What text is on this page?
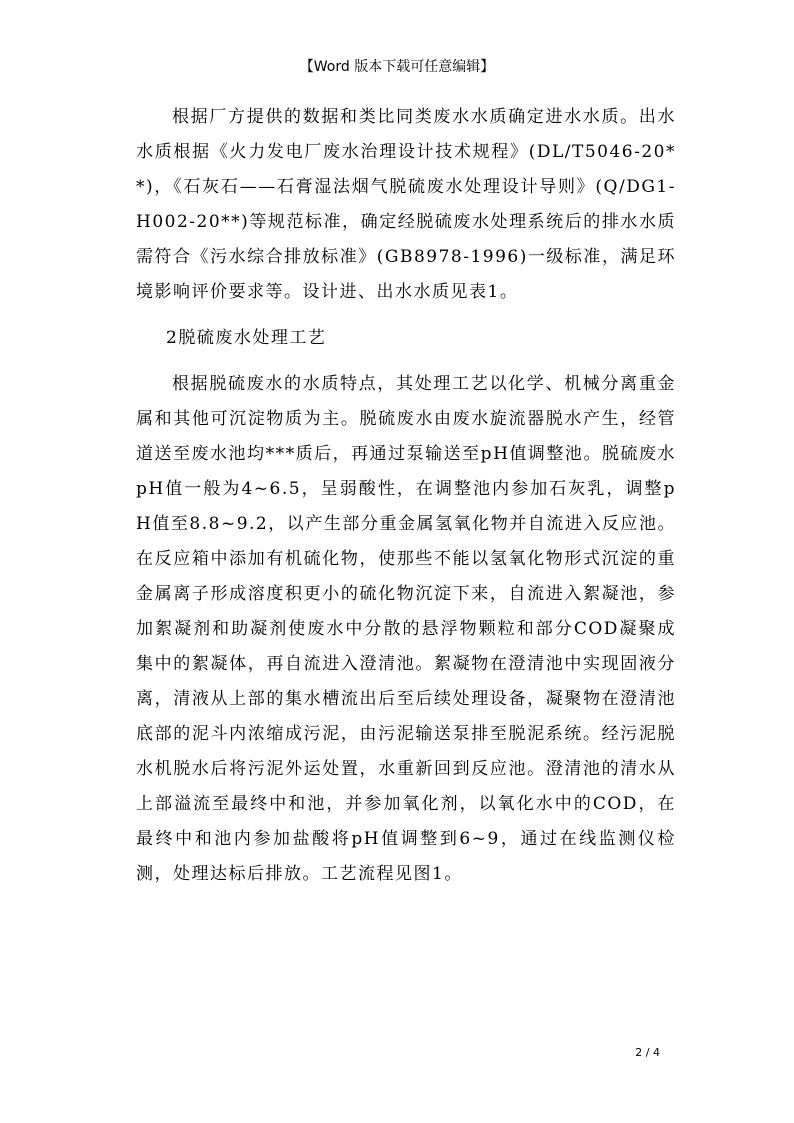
【Word 版本下载可任意编辑】

根据厂方提供的数据和类比同类废水水质确定进水水质。出水水质根据《火力发电厂废水治理设计技术规程》(DL/T5046-20**)，《石灰石——石膏湿法烟气脱硫废水处理设计导则》(Q/DG1-H002-20**)等规范标准，确定经脱硫废水处理系统后的排水水质需符合《污水综合排放标准》(GB8978-1996)一级标准，满足环境影响评价要求等。设计进、出水水质见表1。

2脱硫废水处理工艺

根据脱硫废水的水质特点，其处理工艺以化学、机械分离重金属和其他可沉淀物质为主。脱硫废水由废水旋流器脱水产生，经管道送至废水池均***质后，再通过泵输送至pH值调整池。脱硫废水pH值一般为4~6.5，呈弱酸性，在调整池内参加石灰乳，调整pH值至8.8~9.2，以产生部分重金属氢氧化物并自流进入反应池。在反应箱中添加有机硫化物，使那些不能以氢氧化物形式沉淀的重金属离子形成溶度积更小的硫化物沉淀下来，自流进入絮凝池，参加絮凝剂和助凝剂使废水中分散的悬浮物颗粒和部分COD凝聚成集中的絮凝体，再自流进入澄清池。絮凝物在澄清池中实现固液分离，清液从上部的集水槽流出后至后续处理设备，凝聚物在澄清池底部的泥斗内浓缩成污泥，由污泥输送泵排至脱泥系统。经污泥脱水机脱水后将污泥外运处置，水重新回到反应池。澄清池的清水从上部溢流至最终中和池，并参加氧化剂，以氧化水中的COD，在最终中和池内参加盐酸将pH值调整到6~9，通过在线监测仪检测，处理达标后排放。工艺流程见图1。

2 / 4
